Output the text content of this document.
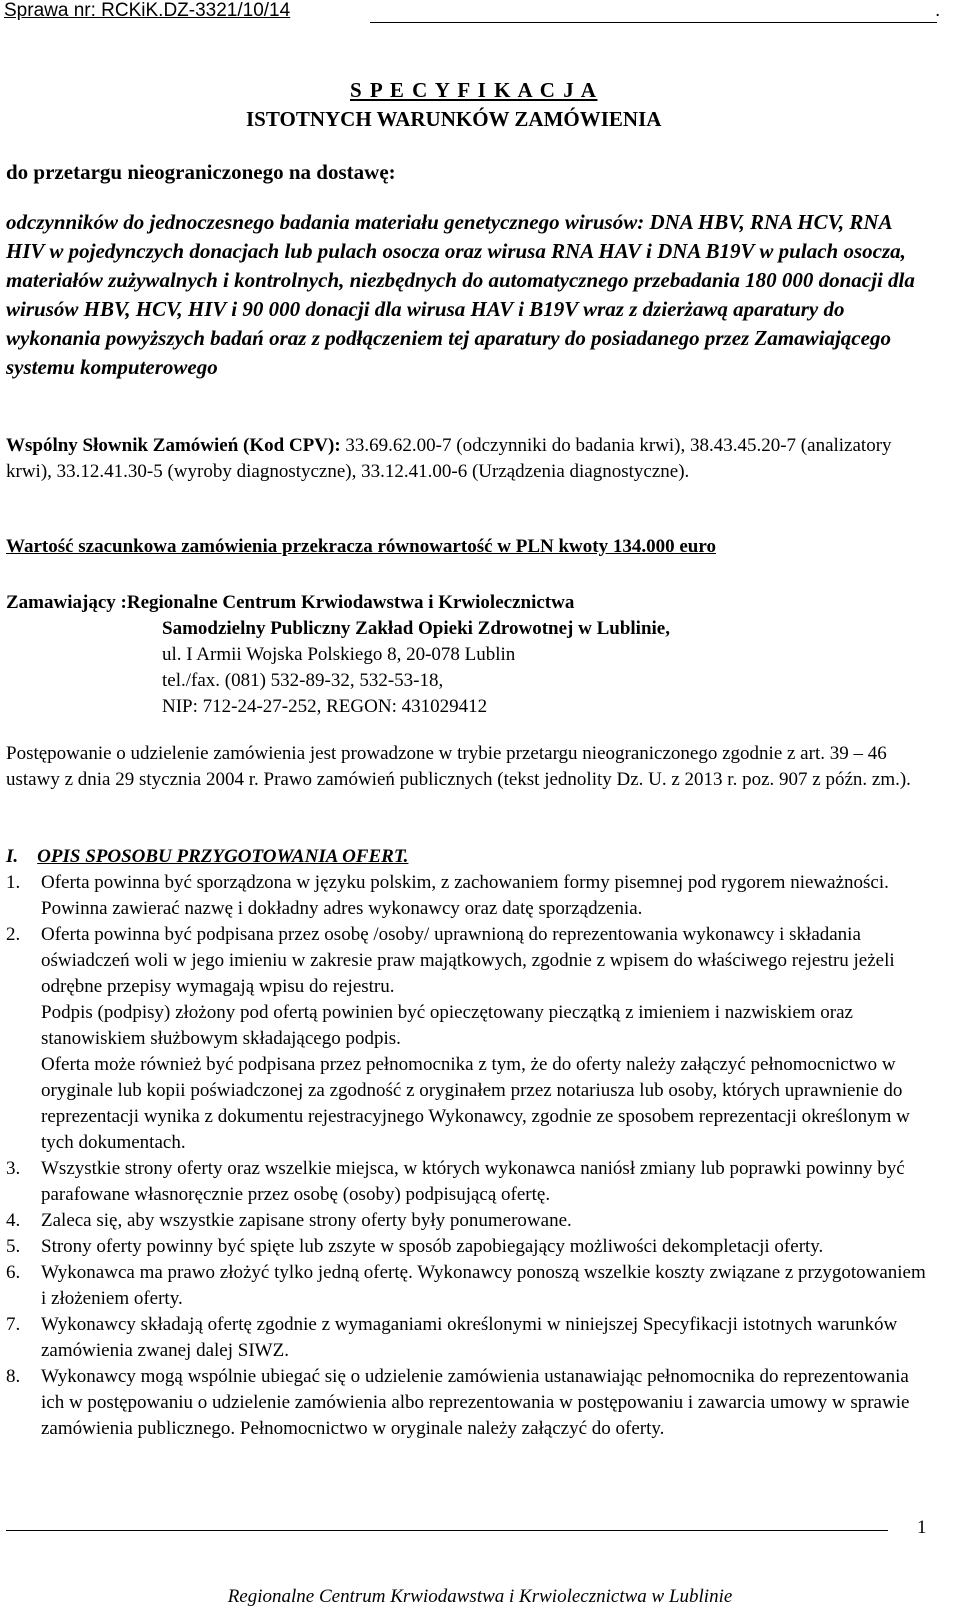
Sprawa nr: RCKiK.DZ-3321/10/14	.
S P E C Y F I K A C J A
ISTOTNYCH WARUNKÓW ZAMÓWIENIA
do przetargu nieograniczonego na dostawę:
odczynników do jednoczesnego badania materiału genetycznego wirusów: DNA HBV, RNA HCV, RNA HIV w pojedynczych donacjach lub pulach osocza oraz wirusa RNA HAV i DNA B19V w pulach osocza, materiałów zużywalnych i kontrolnych, niezbędnych do automatycznego przebadania 180 000 donacji dla wirusów HBV, HCV, HIV i 90 000 donacji dla wirusa HAV i B19V wraz z dzierżawą aparatury do wykonania powyższych badań oraz z podłączeniem tej aparatury do posiadanego przez Zamawiającego systemu komputerowego
Wspólny Słownik Zamówień (Kod CPV): 33.69.62.00-7 (odczynniki do badania krwi), 38.43.45.20-7 (analizatory krwi), 33.12.41.30-5 (wyroby diagnostyczne), 33.12.41.00-6 (Urządzenia diagnostyczne).
Wartość szacunkowa zamówienia przekracza równowartość w PLN kwoty 134.000 euro
Zamawiający :Regionalne Centrum Krwiodawstwa i Krwiolecznictwa
Samodzielny Publiczny Zakład Opieki Zdrowotnej w Lublinie,
ul. I Armii Wojska Polskiego 8, 20-078 Lublin
tel./fax. (081) 532-89-32, 532-53-18,
NIP: 712-24-27-252, REGON: 431029412
Postępowanie o udzielenie zamówienia jest prowadzone w trybie przetargu nieograniczonego zgodnie z art. 39 – 46 ustawy z dnia 29 stycznia 2004 r. Prawo zamówień publicznych (tekst jednolity Dz. U. z 2013 r. poz. 907 z późn. zm.).
I. OPIS SPOSOBU PRZYGOTOWANIA OFERT.
1.	Oferta powinna być sporządzona w języku polskim, z zachowaniem formy pisemnej pod rygorem nieważności. Powinna zawierać nazwę i dokładny adres wykonawcy oraz datę sporządzenia.
2.	Oferta powinna być podpisana przez osobę /osoby/ uprawnioną do reprezentowania wykonawcy i składania oświadczeń woli w jego imieniu w zakresie praw majątkowych, zgodnie z wpisem do właściwego rejestru jeżeli odrębne przepisy wymagają wpisu do rejestru.
Podpis (podpisy) złożony pod ofertą powinien być opieczętowany pieczątką z imieniem i nazwiskiem oraz stanowiskiem służbowym składającego podpis.
Oferta może również być podpisana przez pełnomocnika z tym, że do oferty należy załączyć pełnomocnictwo w oryginale lub kopii poświadczonej za zgodność z oryginałem przez notariusza lub osoby, których uprawnienie do reprezentacji wynika z dokumentu rejestracyjnego Wykonawcy, zgodnie ze sposobem reprezentacji określonym w tych dokumentach.
3.	Wszystkie strony oferty oraz wszelkie miejsca, w których wykonawca naniósł zmiany lub poprawki powinny być parafowane własnoręcznie przez osobę (osoby) podpisującą ofertę.
4.	Zaleca się, aby wszystkie zapisane strony oferty były ponumerowane.
5.	Strony oferty powinny być spięte lub zszyte w sposób zapobiegający możliwości dekompletacji oferty.
6.	Wykonawca ma prawo złożyć tylko jedną ofertę. Wykonawcy ponoszą wszelkie koszty związane z przygotowaniem i złożeniem oferty.
7.	Wykonawcy składają ofertę zgodnie z wymaganiami określonymi w niniejszej Specyfikacji istotnych warunków zamówienia zwanej dalej SIWZ.
8.	Wykonawcy mogą wspólnie ubiegać się o udzielenie zamówienia ustanawiając pełnomocnika do reprezentowania ich w postępowaniu o udzielenie zamówienia albo reprezentowania w postępowaniu i zawarcia umowy w sprawie zamówienia publicznego. Pełnomocnictwo w oryginale należy załączyć do oferty.
1
Regionalne Centrum Krwiodawstwa i Krwiolecznictwa w Lublinie
